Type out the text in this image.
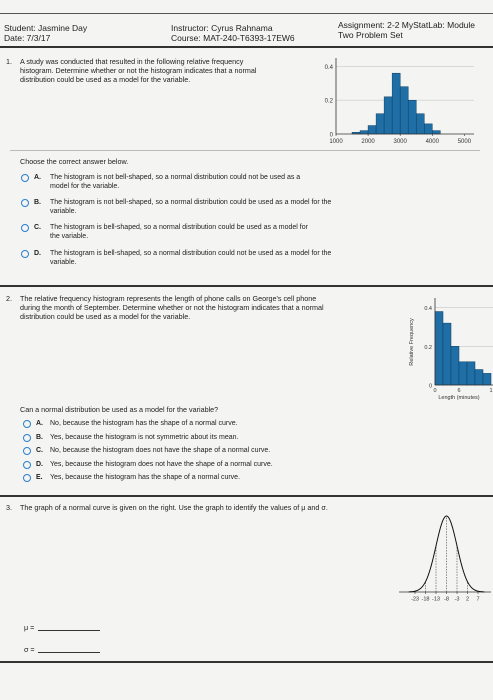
Student: Jasmine Day
Date: 7/3/17
Instructor: Cyrus Rahnama
Course: MAT-240-T6393-17EW6
Assignment: 2-2 MyStatLab: Module
Two Problem Set
1. A study was conducted that resulted in the following relative frequency
histogram. Determine whether or not the histogram indicates that a normal
distribution could be used as a model for the variable.
0
0.2
0.4
1000	2000	3000	4000	5000
Choose the correct answer below.
A. The histogram is not bell-shaped, so a normal distribution could not be used as a
model for the variable.
B. The histogram is not bell-shaped, so a normal distribution could be used as a model for the
variable.
C. The histogram is bell-shaped, so a normal distribution could be used as a model for
the variable.
D. The histogram is bell-shaped, so a normal distribution could not be used as a model for the
variable.
2. The relative frequency histogram represents the length of phone calls on George's cell phone
during the month of September. Determine whether or not the histogram indicates that a normal
distribution could be used as a model for the variable.
Relative Frequency
0
0.2
0.4
0	6	1
Length (minutes)
Can a normal distribution be used as a model for the variable?
A. No, because the histogram has the shape of a normal curve.
B. Yes, because the histogram is not symmetric about its mean.
C. No, because the histogram does not have the shape of a normal curve.
D. Yes, because the histogram does not have the shape of a normal curve.
E. Yes, because the histogram has the shape of a normal curve.
3. The graph of a normal curve is given on the right. Use the graph to identify the values of μ and σ.
-23 -18 -13 -8 -3 2 7
μ =
σ =
